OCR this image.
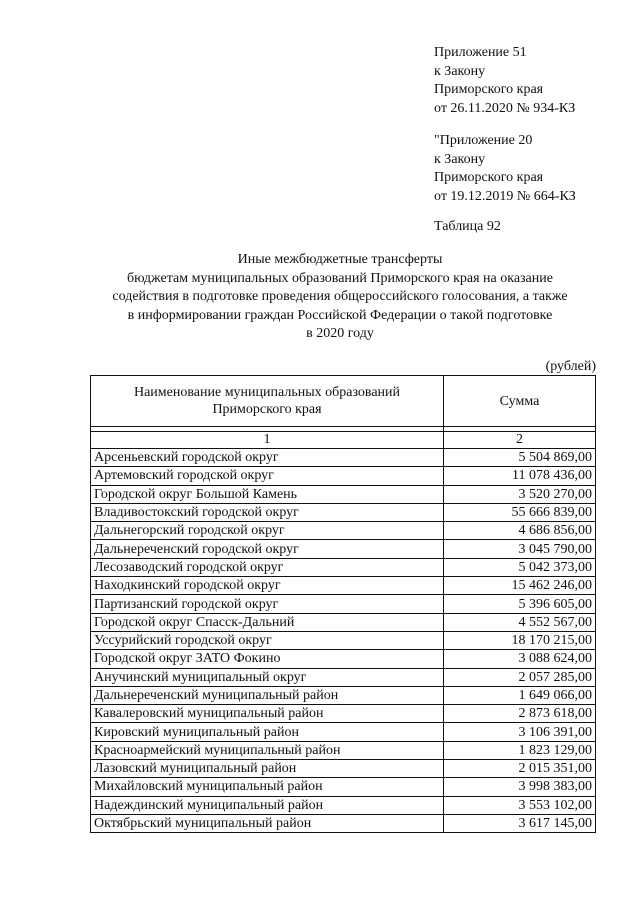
Приложение 51
к Закону
Приморского края
от 26.11.2020 № 934-КЗ
"Приложение 20
к Закону
Приморского края
от 19.12.2019 № 664-КЗ
Таблица 92
Иные межбюджетные трансферты
бюджетам муниципальных образований Приморского края на оказание
содействия в подготовке проведения общероссийского голосования, а также
в информировании граждан Российской Федерации о такой подготовке
в 2020 году
(рублей)
Наименование муниципальных образований
Приморского края	Сумма

1	2
Арсеньевский городской округ	5 504 869,00
Артемовский городской округ	11 078 436,00
Городской округ Большой Камень	3 520 270,00
Владивостокский городской округ	55 666 839,00
Дальнегорский городской округ	4 686 856,00
Дальнереченский городской округ	3 045 790,00
Лесозаводский городской округ	5 042 373,00
Находкинский городской округ	15 462 246,00
Партизанский городской округ	5 396 605,00
Городской округ Спасск-Дальний	4 552 567,00
Уссурийский городской округ	18 170 215,00
Городской округ ЗАТО Фокино	3 088 624,00
Анучинский муниципальный округ	2 057 285,00
Дальнереченский муниципальный район	1 649 066,00
Кавалеровский муниципальный район	2 873 618,00
Кировский муниципальный район	3 106 391,00
Красноармейский муниципальный район	1 823 129,00
Лазовский муниципальный район	2 015 351,00
Михайловский муниципальный район	3 998 383,00
Надеждинский муниципальный район	3 553 102,00
Октябрьский муниципальный район	3 617 145,00
